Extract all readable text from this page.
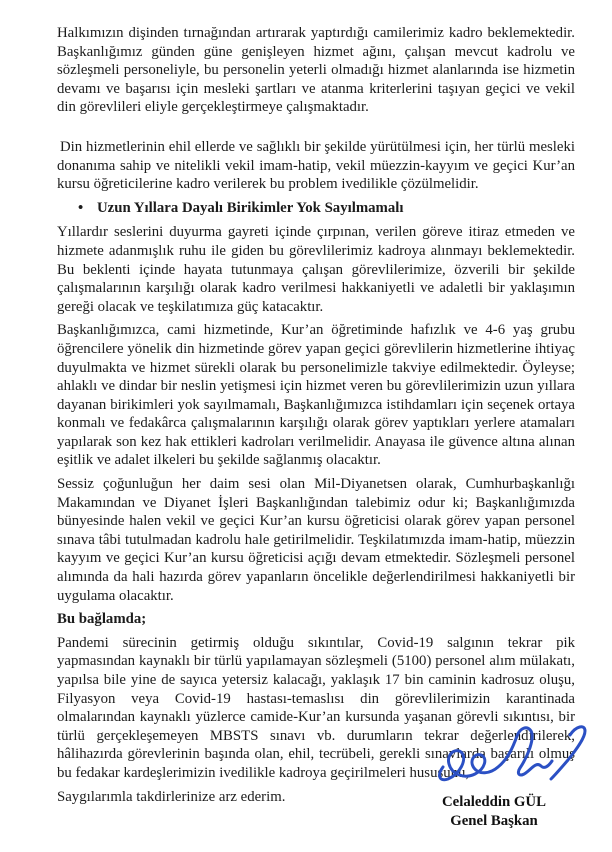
Halkımızın dişinden tırnağından artırarak yaptırdığı camilerimiz kadro beklemektedir. Başkanlığımız günden güne genişleyen hizmet ağını, çalışan mevcut kadrolu ve sözleşmeli personeliyle, bu personelin yeterli olmadığı hizmet alanlarında ise hizmetin devamı ve başarısı için mesleki şartları ve atanma kriterlerini taşıyan geçici ve vekil din görevlileri eliyle gerçekleştirmeye çalışmaktadır.

Din hizmetlerinin ehil ellerde ve sağlıklı bir şekilde yürütülmesi için, her türlü mesleki donanıma sahip ve nitelikli vekil imam-hatip, vekil müezzin-kayyım ve geçici Kur’an kursu öğreticilerine kadro verilerek bu problem ivedilikle çözülmelidir.

• Uzun Yıllara Dayalı Birikimler Yok Sayılmamalı

Yıllardır seslerini duyurma gayreti içinde çırpınan, verilen göreve itiraz etmeden ve hizmete adanmışlık ruhu ile giden bu görevlilerimiz kadroya alınmayı beklemektedir. Bu beklenti içinde hayata tutunmaya çalışan görevlilerimize, özverili bir şekilde çalışmalarının karşılığı olarak kadro verilmesi hakkaniyetli ve adaletli bir yaklaşımın gereği olacak ve teşkilatımıza güç katacaktır.

Başkanlığımızca, cami hizmetinde, Kur’an öğretiminde hafızlık ve 4-6 yaş grubu öğrencilere yönelik din hizmetinde görev yapan geçici görevlilerin hizmetlerine ihtiyaç duyulmakta ve hizmet sürekli olarak bu personelimizle takviye edilmektedir. Öyleyse; ahlaklı ve dindar bir neslin yetişmesi için hizmet veren bu görevlilerimizin uzun yıllara dayanan birikimleri yok sayılmamalı, Başkanlığımızca istihdamları için seçenek ortaya konmalı ve fedakârca çalışmalarının karşılığı olarak görev yaptıkları yerlere atamaları yapılarak son kez hak ettikleri kadroları verilmelidir. Anayasa ile güvence altına alınan eşitlik ve adalet ilkeleri bu şekilde sağlanmış olacaktır.

Sessiz çoğunluğun her daim sesi olan Mil-Diyanetsen olarak, Cumhurbaşkanlığı Makamından ve Diyanet İşleri Başkanlığından talebimiz odur ki; Başkanlığımızda bünyesinde halen vekil ve geçici Kur’an kursu öğreticisi olarak görev yapan personel sınava tâbi tutulmadan kadrolu hale getirilmelidir. Teşkilatımızda imam-hatip, müezzin kayyım ve geçici Kur’an kursu öğreticisi açığı devam etmektedir. Sözleşmeli personel alımında da hali hazırda görev yapanların öncelikle değerlendirilmesi hakkaniyetli bir uygulama olacaktır.

Bu bağlamda;

Pandemi sürecinin getirmiş olduğu sıkıntılar, Covid-19 salgının tekrar pik yapmasından kaynaklı bir türlü yapılamayan sözleşmeli (5100) personel alım mülakatı, yapılsa bile yine de sayıca yetersiz kalacağı, yaklaşık 17 bin caminin kadrosuz oluşu, Filyasyon veya Covid-19 hastası-temaslısı din görevlilerimizin karantinada olmalarından kaynaklı yüzlerce camide-Kur’an kursunda yaşanan görevli sıkıntısı, bir türlü gerçekleşemeyen MBSTS sınavı vb. durumların tekrar değerlendirilerek, hâlihazırda görevlerinin başında olan, ehil, tecrübeli, gerekli sınavlarda başarılı olmuş bu fedakar kardeşlerimizin ivedilikle kadroya geçirilmeleri hususunu,

Saygılarımla takdirlerinize arz ederim.	Celaleddin GÜL
Genel Başkan
